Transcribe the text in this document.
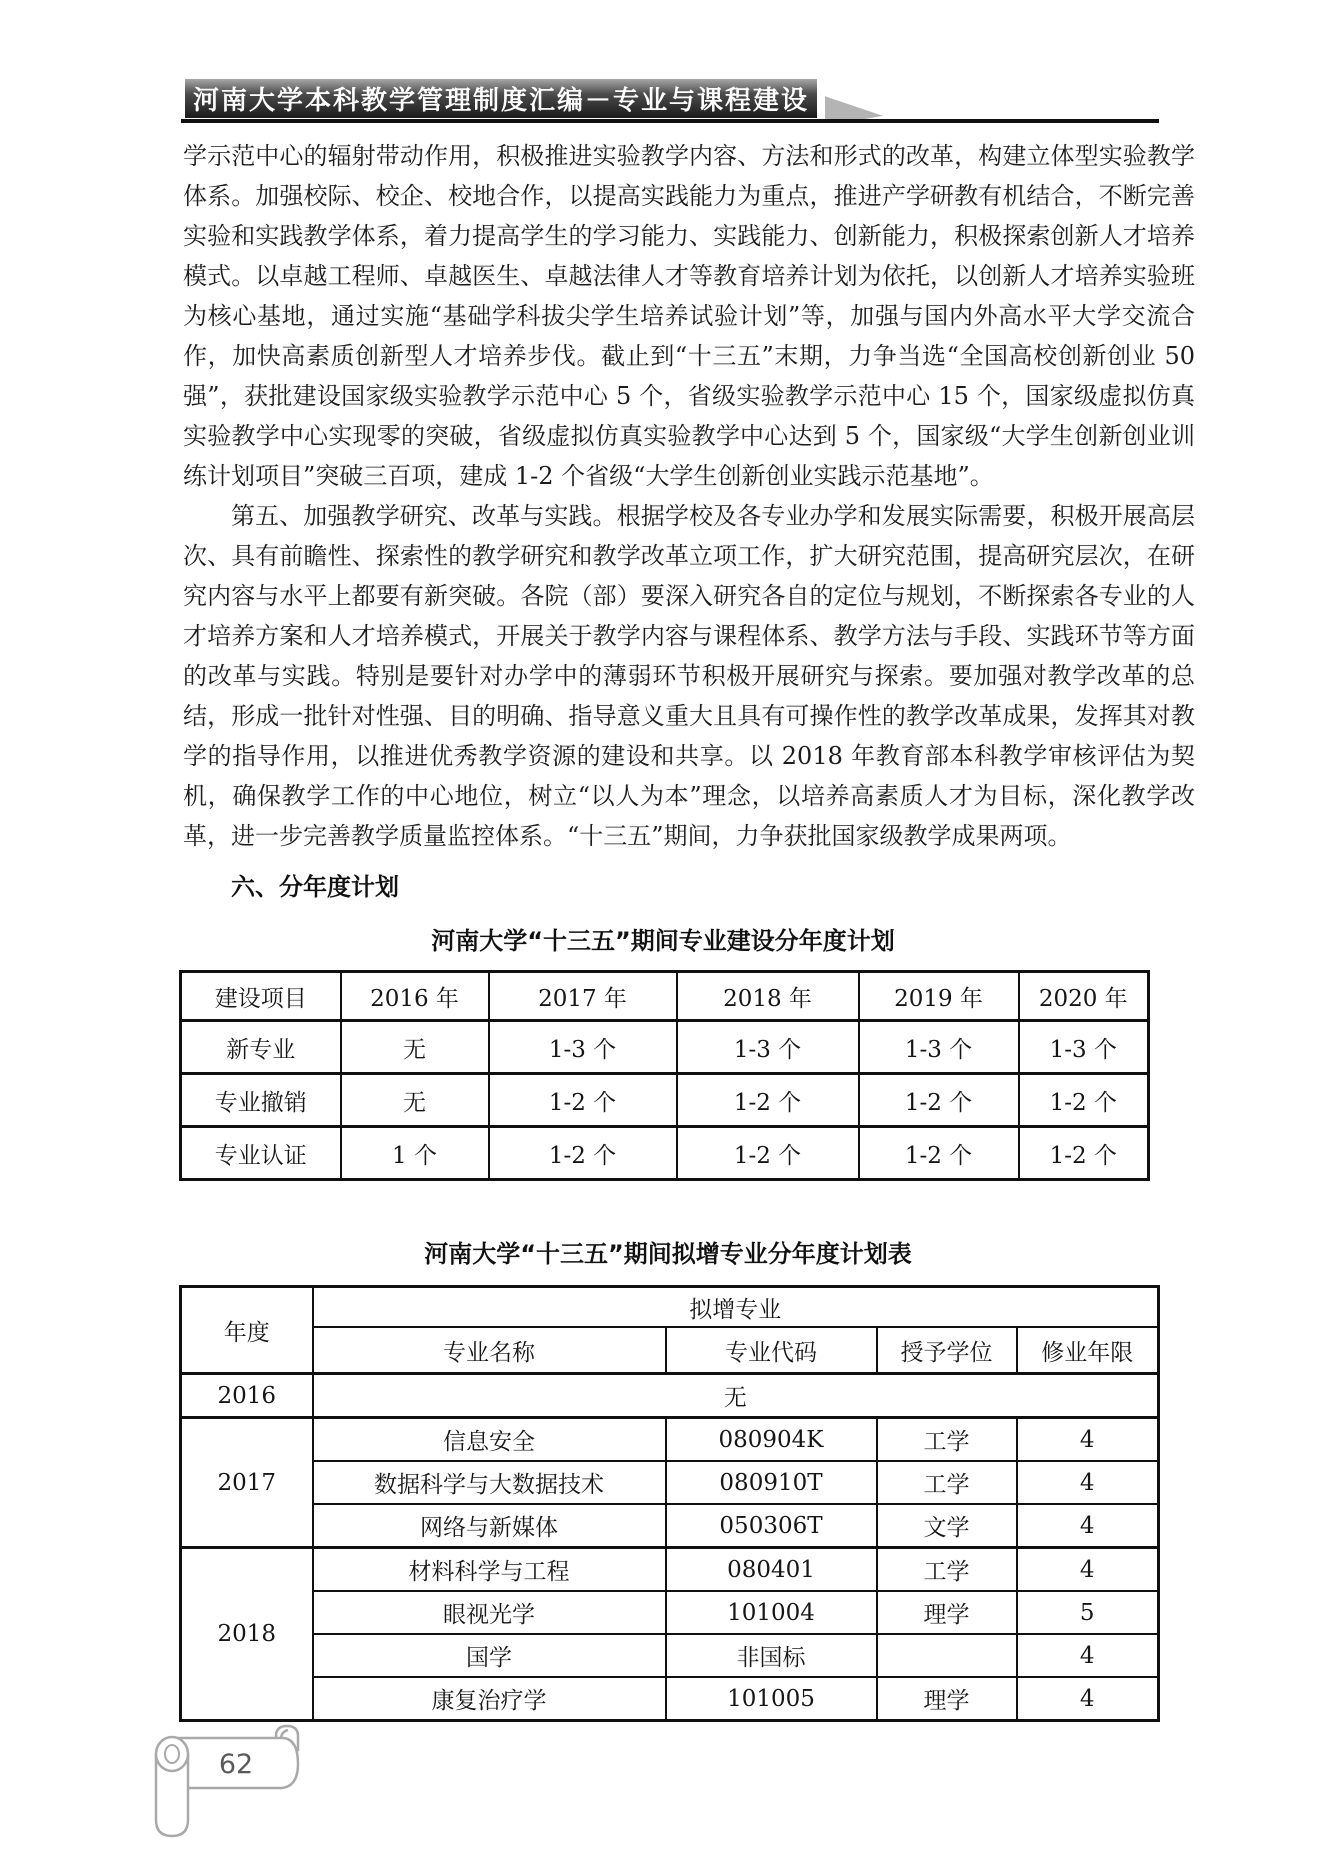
河南大学本科教学管理制度汇编－专业与课程建设

学示范中心的辐射带动作用，积极推进实验教学内容、方法和形式的改革，构建立体型实验教学体系。加强校际、校企、校地合作，以提高实践能力为重点，推进产学研教有机结合，不断完善实验和实践教学体系，着力提高学生的学习能力、实践能力、创新能力，积极探索创新人才培养模式。以卓越工程师、卓越医生、卓越法律人才等教育培养计划为依托，以创新人才培养实验班为核心基地，通过实施“基础学科拔尖学生培养试验计划”等，加强与国内外高水平大学交流合作，加快高素质创新型人才培养步伐。截止到“十三五”末期，力争当选“全国高校创新创业 50 强”，获批建设国家级实验教学示范中心 5 个，省级实验教学示范中心 15 个，国家级虚拟仿真实验教学中心实现零的突破，省级虚拟仿真实验教学中心达到 5 个，国家级“大学生创新创业训练计划项目”突破三百项，建成 1-2 个省级“大学生创新创业实践示范基地”。

第五、加强教学研究、改革与实践。根据学校及各专业办学和发展实际需要，积极开展高层次、具有前瞻性、探索性的教学研究和教学改革立项工作，扩大研究范围，提高研究层次，在研究内容与水平上都要有新突破。各院（部）要深入研究各自的定位与规划，不断探索各专业的人才培养方案和人才培养模式，开展关于教学内容与课程体系、教学方法与手段、实践环节等方面的改革与实践。特别是要针对办学中的薄弱环节积极开展研究与探索。要加强对教学改革的总结，形成一批针对性强、目的明确、指导意义重大且具有可操作性的教学改革成果，发挥其对教学的指导作用，以推进优秀教学资源的建设和共享。以 2018 年教育部本科教学审核评估为契机，确保教学工作的中心地位，树立“以人为本”理念，以培养高素质人才为目标，深化教学改革，进一步完善教学质量监控体系。“十三五”期间，力争获批国家级教学成果两项。

六、分年度计划
河南大学“十三五”期间专业建设分年度计划
建设项目	2016 年	2017 年	2018 年	2019 年	2020 年
新专业	无	1-3 个	1-3 个	1-3 个	1-3 个
专业撤销	无	1-2 个	1-2 个	1-2 个	1-2 个
专业认证	1 个	1-2 个	1-2 个	1-2 个	1-2 个
河南大学“十三五”期间拟增专业分年度计划表
年度	拟增专业			
	专业名称	专业代码	授予学位	修业年限
2016	无			
2017	信息安全	080904K	工学	4
	数据科学与大数据技术	080910T	工学	4
	网络与新媒体	050306T	文学	4
2018	材料科学与工程	080401	工学	4
	眼视光学	101004	理学	5
	国学	非国标		4
	康复治疗学	101005	理学	4
62
